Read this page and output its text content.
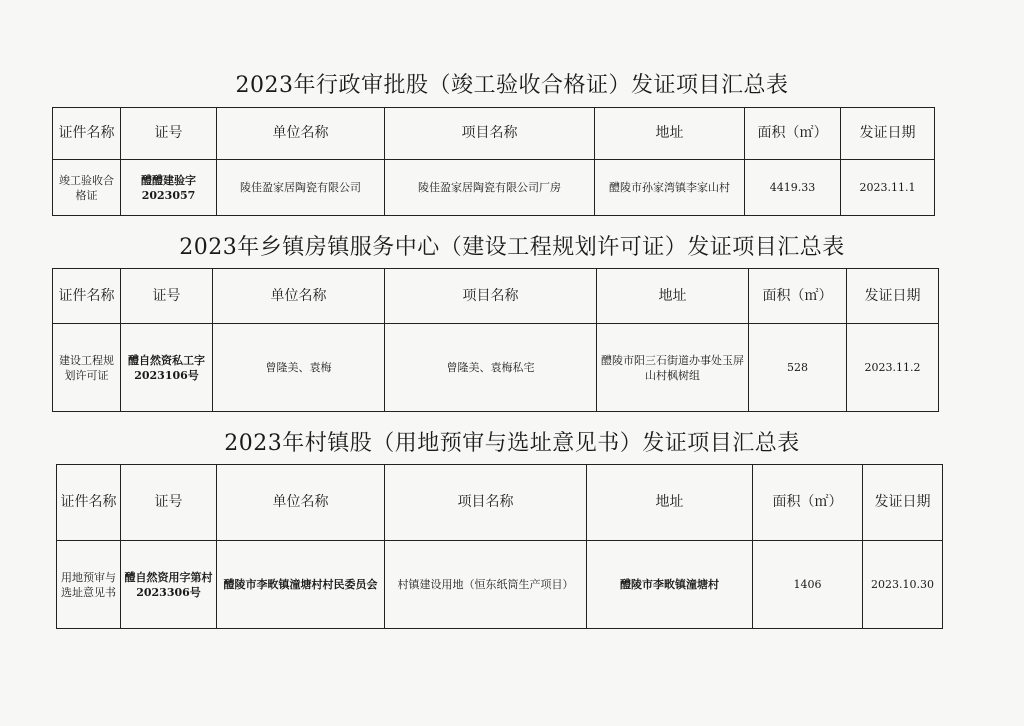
2023年行政审批股（竣工验收合格证）发证项目汇总表
证件名称	证号	单位名称	项目名称	地址	面积（㎡）	发证日期
竣工验收合格证	醴醴建验字2023057	陵佳盈家居陶瓷有限公司	陵佳盈家居陶瓷有限公司厂房	醴陵市孙家湾镇李家山村	4419.33	2023.11.1
2023年乡镇房镇服务中心（建设工程规划许可证）发证项目汇总表
证件名称	证号	单位名称	项目名称	地址	面积（㎡）	发证日期
建设工程规划许可证	醴自然资私工字2023106号	曾隆美、袁梅	曾隆美、袁梅私宅	醴陵市阳三石街道办事处玉屏山村枫树组	528	2023.11.2
2023年村镇股（用地预审与选址意见书）发证项目汇总表
证件名称	证号	单位名称	项目名称	地址	面积（㎡）	发证日期
用地预审与选址意见书	醴自然资用字第村2023306号	醴陵市李畋镇潼塘村村民委员会	村镇建设用地（恒东纸筒生产项目）	醴陵市李畋镇潼塘村	1406	2023.10.30
